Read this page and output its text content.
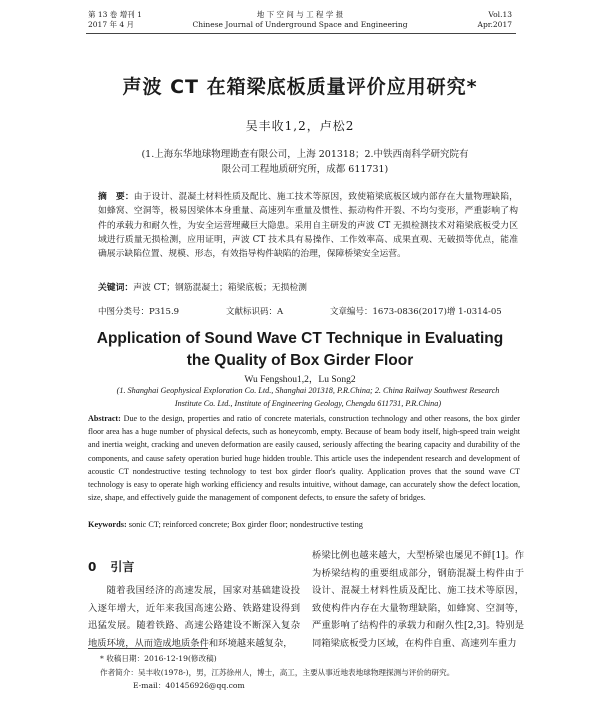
第 13 卷 增刊 1
2017 年 4 月
地 下 空 间 与 工 程 学 报
Chinese Journal of Underground Space and Engineering
Vol.13
Apr.2017
声波 CT 在箱梁底板质量评价应用研究*
吴丰收1,2，卢松2
(1.上海东华地球物理勘查有限公司，上海 201318；2.中铁西南科学研究院有限公司工程地质研究所，成都 611731)
摘　要：由于设计、混凝土材料性质及配比、施工技术等原因，致使箱梁底板区域内部存在大量物理缺陷，如蜂窝、空洞等，极易因梁体本身重量、高速列车重量及惯性、振动构件开裂、不均匀变形，严重影响了构件的承载力和耐久性，为安全运营埋藏巨大隐患。采用自主研发的声波 CT 无损检测技术对箱梁底板受力区域进行质量无损检测，应用证明，声波 CT 技术具有易操作、工作效率高、成果直观、无破损等优点，能准确展示缺陷位置、规模、形态，有效指导构件缺陷的治理，保障桥梁安全运营。
关键词：声波 CT；钢筋混凝土；箱梁底板；无损检测
中图分类号：P315.9	文献标识码：A	文章编号：1673-0836(2017)增 1-0314-05
Application of Sound Wave CT Technique in Evaluating
the Quality of Box Girder Floor
Wu Fengshou1,2，Lu Song2
(1. Shanghai Geophysical Exploration Co. Ltd., Shanghai 201318, P.R.China; 2. China Railway Southwest Research Institute Co. Ltd., Institute of Engineering Geology, Chengdu 611731, P.R.China)
Abstract: Due to the design, properties and ratio of concrete materials, construction technology and other reasons, the box girder floor area has a huge number of physical defects, such as honeycomb, empty. Because of beam body itself, high-speed train weight and inertia weight, cracking and uneven deformation are easily caused, seriously affecting the bearing capacity and durability of the components, and cause safety operation buried huge hidden trouble. This article uses the independent research and development of acoustic CT nondestructive testing technology to test box girder floor's quality. Application proves that the sound wave CT technology is easy to operate high working efficiency and results intuitive, without damage, can accurately show the defect location, size, shape, and effectively guide the management of component defects, to ensure the safety of bridges.
Keywords: sonic CT; reinforced concrete; Box girder floor; nondestructive testing
0 引言
随着我国经济的高速发展，国家对基础建设投入逐年增大，近年来我国高速公路、铁路建设得到迅猛发展。随着铁路、高速公路建设不断深入复杂地质环境，从而造成地质条件和环境越来越复杂，
桥梁比例也越来越大，大型桥梁也屡见不鲜[1]。作为桥梁结构的重要组成部分，钢筋混凝土构件由于设计、混凝土材料性质及配比、施工技术等原因，致使构件内存在大量物理缺陷，如蜂窝、空洞等，严重影响了结构件的承载力和耐久性[2,3]。特别是同箱梁底板受力区域，在构件自重、高速列车重力
* 收稿日期：2016-12-19(修改稿)
作者简介：吴丰收(1978-)，男，江苏徐州人，博士，高工，主要从事近地表地球物理探测与评价的研究。
E-mail：401456926@qq.com
